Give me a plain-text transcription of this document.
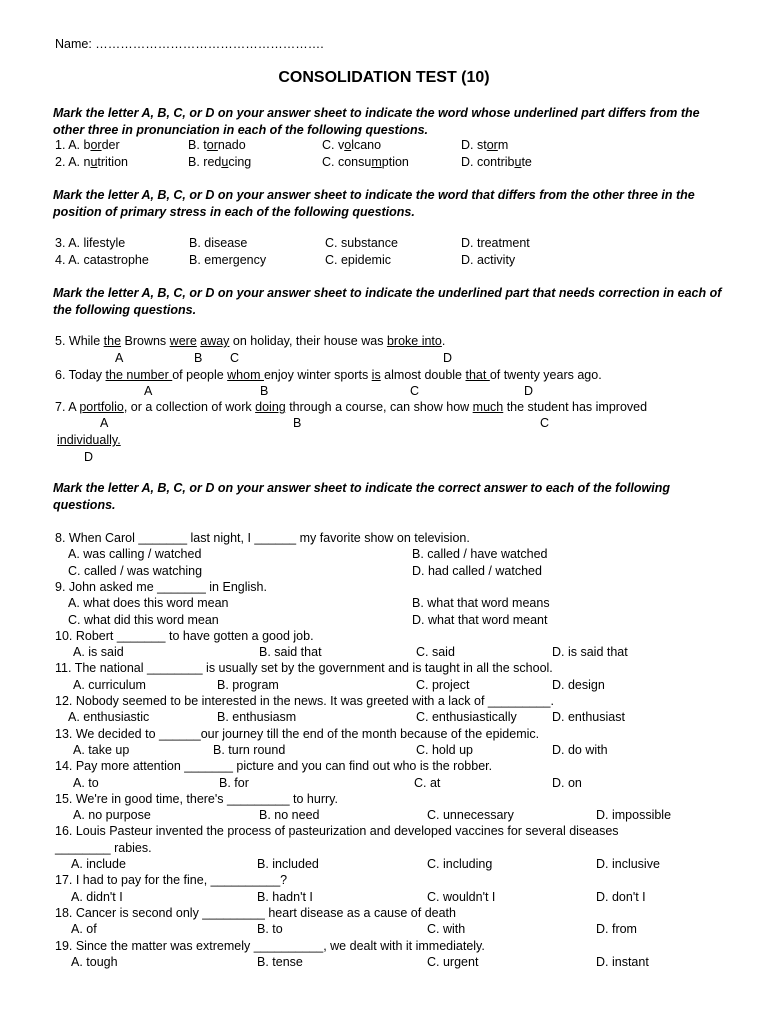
Name: ……………………………………………….
CONSOLIDATION TEST (10)
Mark the letter A, B, C, or D on your answer sheet to indicate the word whose underlined part differs from the other three in pronunciation in each of the following questions.
1. A. border	B. tornado	C. volcano	D. storm
2. A. nutrition	B. reducing	C. consumption	D. contribute
Mark the letter A, B, C, or D on your answer sheet to indicate the word that differs from the other three in the position of primary stress in each of the following questions.
3. A. lifestyle	B. disease	C. substance	D. treatment
4. A. catastrophe	B. emergency	C. epidemic	D. activity
Mark the letter A, B, C, or D on your answer sheet to indicate the underlined part that needs correction in each of the following questions.
5. While the Browns were away on holiday, their house was broke into.
A	B C	D
6. Today the number of people whom enjoy winter sports is almost double that of twenty years ago.
A	B	C	D
7. A portfolio, or a collection of work doing through a course, can show how much the student has improved
A	B	C
individually.
D
Mark the letter A, B, C, or D on your answer sheet to indicate the correct answer to each of the following questions.
8. When Carol _______ last night, I ______ my favorite show on television.
A. was calling / watched	B. called / have watched
C. called / was watching	D. had called / watched
9. John asked me _______ in English.
A. what does this word mean	B. what that word means
C. what did this word mean	D. what that word meant
10. Robert _______ to have gotten a good job.
A. is said	B. said that	C. said	D. is said that
11. The national ________ is usually set by the government and is taught in all the school.
A. curriculum	B. program	C. project	D. design
12. Nobody seemed to be interested in the news. It was greeted with a lack of _________.
A. enthusiastic	B. enthusiasm	C. enthusiastically	D. enthusiast
13. We decided to ______our journey till the end of the month because of the epidemic.
A. take up	B. turn round	C. hold up	D. do with
14. Pay more attention _______ picture and you can find out who is the robber.
A. to	B. for	C. at	D. on
15. We're in good time, there's _________ to hurry.
A. no purpose	B. no need	C. unnecessary	D. impossible
16. Louis Pasteur invented the process of pasteurization and developed vaccines for several diseases
________ rabies.
A. include	B. included	C. including	D. inclusive
17. I had to pay for the fine, __________?
A. didn't I	B. hadn't I	C. wouldn't I	D. don't I
18. Cancer is second only _________ heart disease as a cause of death
A. of	B. to	C. with	D. from
19. Since the matter was extremely __________, we dealt with it immediately.
A. tough	B. tense	C. urgent	D. instant
